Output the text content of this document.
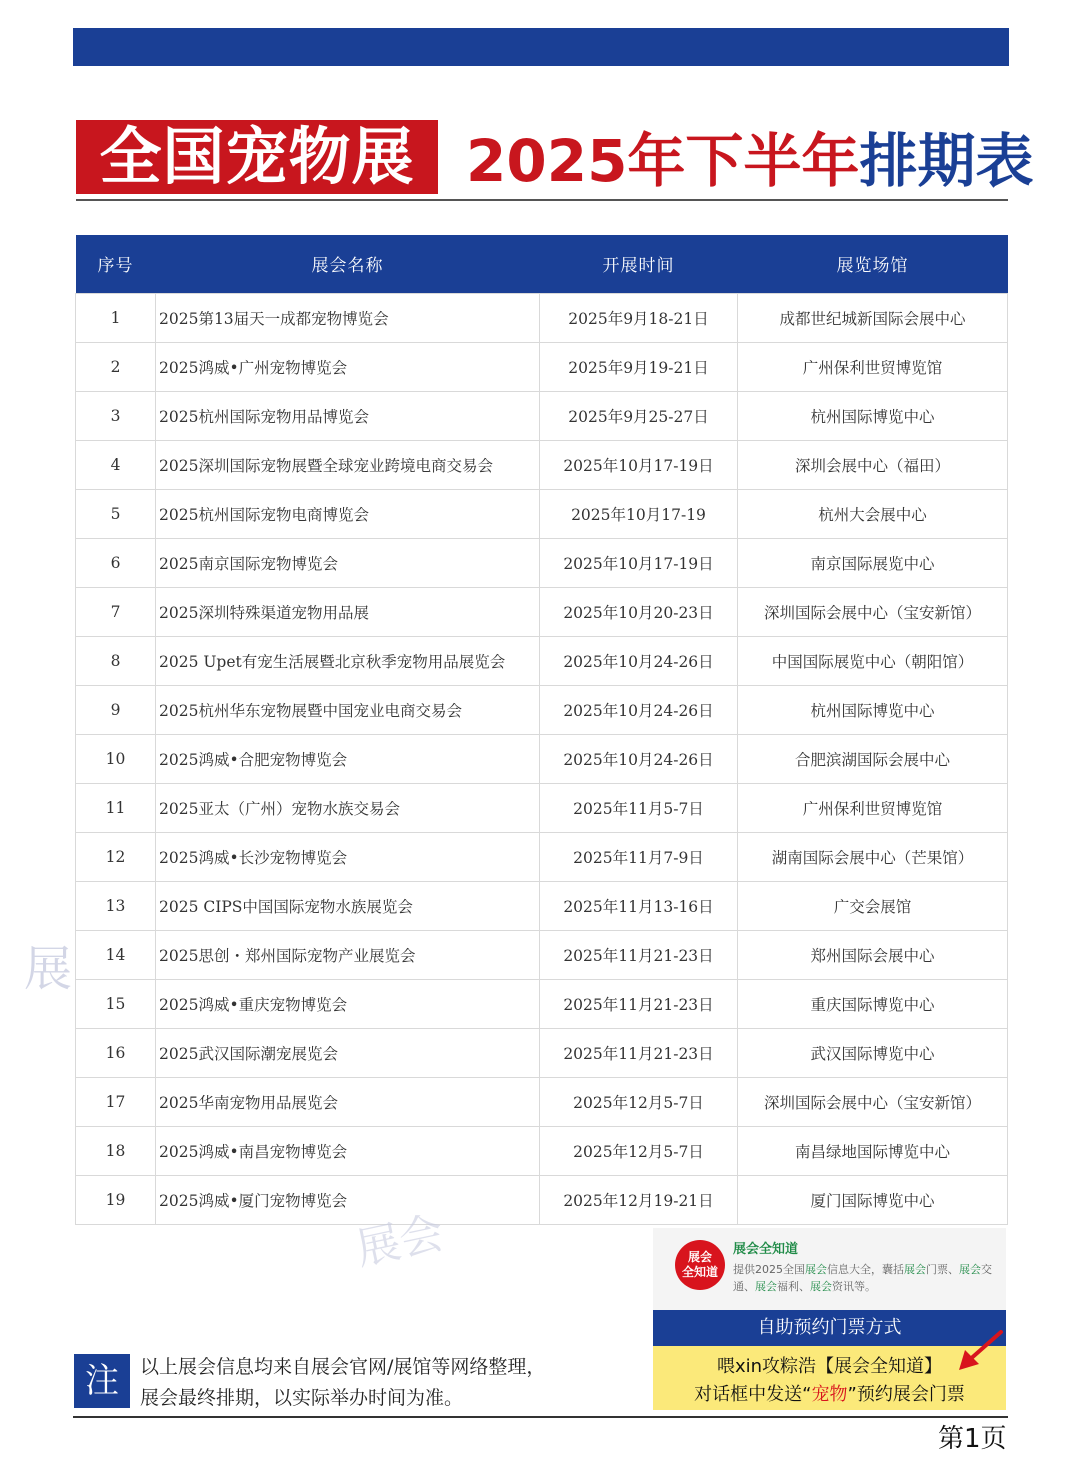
全国宠物展 2025年下半年排期表
展
序号	展会名称	开展时间	展览场馆
1	2025第13届天一成都宠物博览会	2025年9月18-21日	成都世纪城新国际会展中心
2	2025鸿威•广州宠物博览会	2025年9月19-21日	广州保利世贸博览馆
3	2025杭州国际宠物用品博览会	2025年9月25-27日	杭州国际博览中心
4	2025深圳国际宠物展暨全球宠业跨境电商交易会	2025年10月17-19日	深圳会展中心（福田）
5	2025杭州国际宠物电商博览会	2025年10月17-19	杭州大会展中心
6	2025南京国际宠物博览会	2025年10月17-19日	南京国际展览中心
7	2025深圳特殊渠道宠物用品展	2025年10月20-23日	深圳国际会展中心（宝安新馆）
8	2025 Upet有宠生活展暨北京秋季宠物用品展览会	2025年10月24-26日	中国国际展览中心（朝阳馆）
9	2025杭州华东宠物展暨中国宠业电商交易会	2025年10月24-26日	杭州国际博览中心
10	2025鸿威•合肥宠物博览会	2025年10月24-26日	合肥滨湖国际会展中心
11	2025亚太（广州）宠物水族交易会	2025年11月5-7日	广州保利世贸博览馆
12	2025鸿威•长沙宠物博览会	2025年11月7-9日	湖南国际会展中心（芒果馆）
13	2025 CIPS中国国际宠物水族展览会	2025年11月13-16日	广交会展馆
14	2025思创・郑州国际宠物产业展览会	2025年11月21-23日	郑州国际会展中心
15	2025鸿威•重庆宠物博览会	2025年11月21-23日	重庆国际博览中心
16	2025武汉国际潮宠展览会	2025年11月21-23日	武汉国际博览中心
17	2025华南宠物用品展览会	2025年12月5-7日	深圳国际会展中心（宝安新馆）
18	2025鸿威•南昌宠物博览会	2025年12月5-7日	南昌绿地国际博览中心
19	2025鸿威•厦门宠物博览会	2025年12月19-21日	厦门国际博览中心
展会
注	以上展会信息均来自展会官网/展馆等网络整理，
展会最终排期，以实际举办时间为准。
展会
全知道
展会全知道
提供2025全国展会信息大全，囊括展会门票、展会交通、展会福利、展会资讯等。
自助预约门票方式
喂xin攻粽浩【展会全知道】
对话框中发送“宠物”预约展会门票
第1页
